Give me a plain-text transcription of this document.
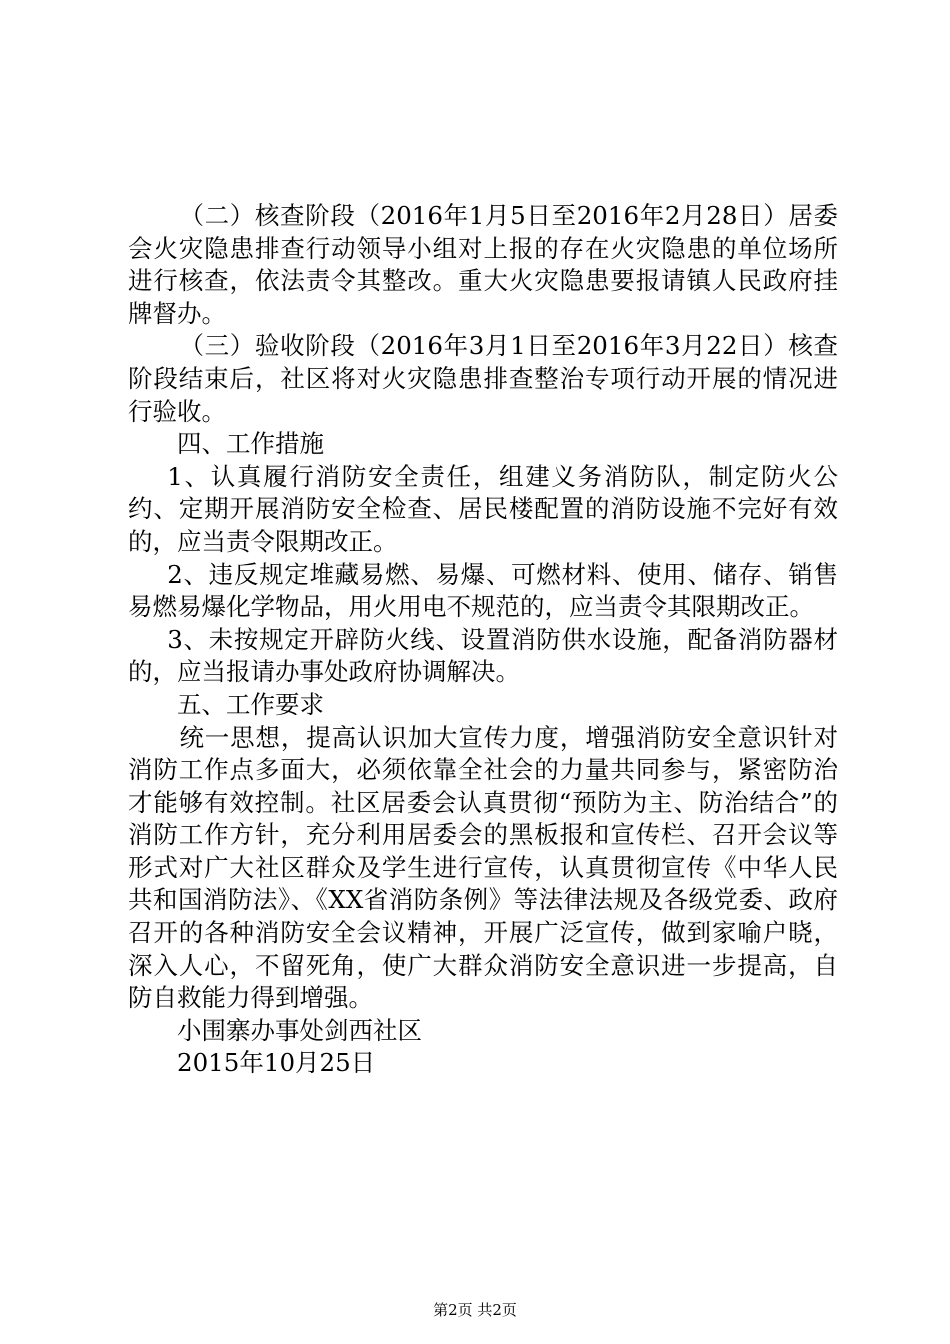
（二）核查阶段（2016年1月5日至2016年2月28日）居委会火灾隐患排查行动领导小组对上报的存在火灾隐患的单位场所进行核查，依法责令其整改。重大火灾隐患要报请镇人民政府挂牌督办。

（三）验收阶段（2016年3月1日至2016年3月22日）核查阶段结束后，社区将对火灾隐患排查整治专项行动开展的情况进行验收。

四、工作措施

1、认真履行消防安全责任，组建义务消防队，制定防火公约、定期开展消防安全检查、居民楼配置的消防设施不完好有效的，应当责令限期改正。

2、违反规定堆藏易燃、易爆、可燃材料、使用、储存、销售易燃易爆化学物品，用火用电不规范的，应当责令其限期改正。

3、未按规定开辟防火线、设置消防供水设施，配备消防器材的，应当报请办事处政府协调解决。

五、工作要求

统一思想，提高认识加大宣传力度，增强消防安全意识针对消防工作点多面大，必须依靠全社会的力量共同参与，紧密防治才能够有效控制。社区居委会认真贯彻“预防为主、防治结合”的消防工作方针，充分利用居委会的黑板报和宣传栏、召开会议等形式对广大社区群众及学生进行宣传，认真贯彻宣传《中华人民共和国消防法》、《XX省消防条例》等法律法规及各级党委、政府召开的各种消防安全会议精神，开展广泛宣传，做到家喻户晓，深入人心，不留死角，使广大群众消防安全意识进一步提高，自防自救能力得到增强。

小围寨办事处剑西社区

2015年10月25日

第2页 共2页
